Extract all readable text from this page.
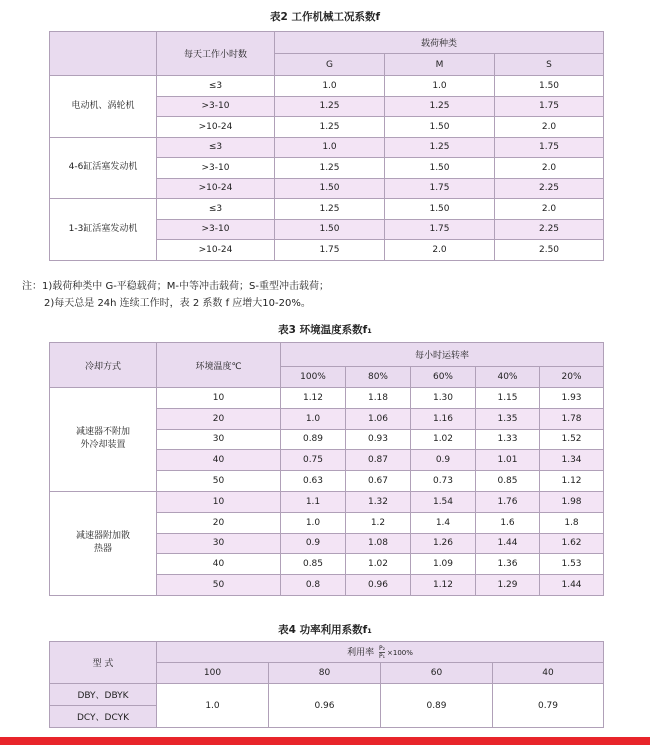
表2 工作机械工况系数f
	每天工作小时数	载荷种类		
		G	M	S
电动机、涡轮机	≤3	1.0	1.0	1.50
	>3-10	1.25	1.25	1.75
	>10-24	1.25	1.50	2.0
4-6缸活塞发动机	≤3	1.0	1.25	1.75
	>3-10	1.25	1.50	2.0
	>10-24	1.50	1.75	2.25
1-3缸活塞发动机	≤3	1.25	1.50	2.0
	>3-10	1.50	1.75	2.25
	>10-24	1.75	2.0	2.50
注：1)载荷种类中 G-平稳载荷；M-中等冲击载荷；S-重型冲击载荷；
2)每天总是 24h 连续工作时，表 2 系数 f 应增大10-20%。
表3 环境温度系数f₁
冷却方式	环境温度℃	每小时运转率				
		100%	80%	60%	40%	20%
减速器不附加 外冷却装置	10	1.12	1.18	1.30	1.15	1.93
	20	1.0	1.06	1.16	1.35	1.78
	30	0.89	0.93	1.02	1.33	1.52
	40	0.75	0.87	0.9	1.01	1.34
	50	0.63	0.67	0.73	0.85	1.12
减速器附加散热器	10	1.1	1.32	1.54	1.76	1.98
	20	1.0	1.2	1.4	1.6	1.8
	30	0.9	1.08	1.26	1.44	1.62
	40	0.85	1.02	1.09	1.36	1.53
	50	0.8	0.96	1.12	1.29	1.44
表4 功率利用系数f₁
型 式	利用率 $\frac{\text{P₂}}{\text{P₁}} \times 100\%$			
	100	80	60	40
DBY、DBYK	1.0	0.96	0.89	0.79
DCY、DCYK				
